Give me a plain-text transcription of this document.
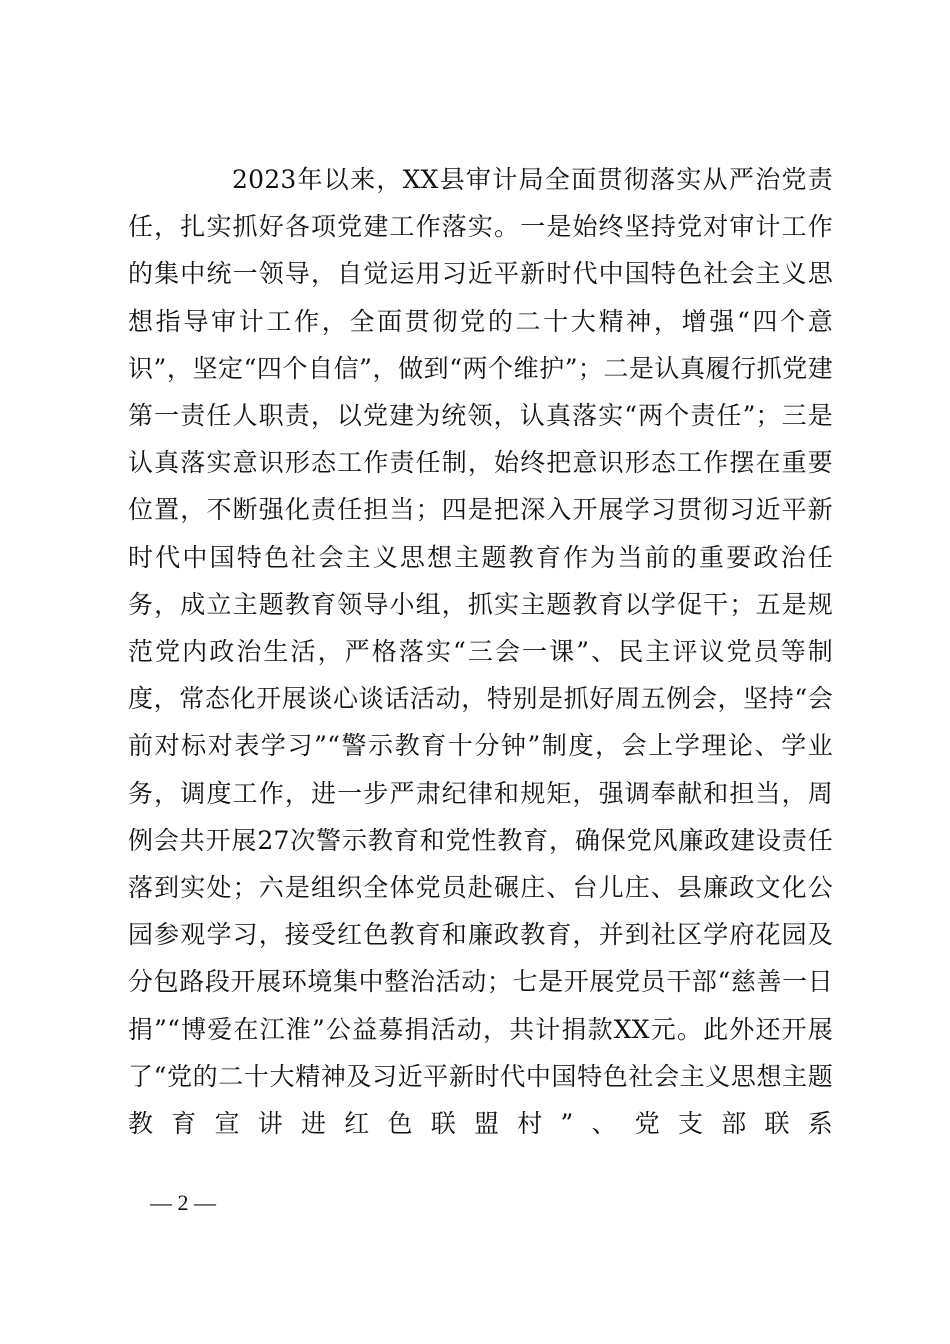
2023年以来，XX县审计局全面贯彻落实从严治党责任，扎实抓好各项党建工作落实。一是始终坚持党对审计工作的集中统一领导，自觉运用习近平新时代中国特色社会主义思想指导审计工作，全面贯彻党的二十大精神，增强“四个意识”，坚定“四个自信”，做到“两个维护”；二是认真履行抓党建第一责任人职责，以党建为统领，认真落实“两个责任”；三是认真落实意识形态工作责任制，始终把意识形态工作摆在重要位置，不断强化责任担当；四是把深入开展学习贯彻习近平新时代中国特色社会主义思想主题教育作为当前的重要政治任务，成立主题教育领导小组，抓实主题教育以学促干；五是规范党内政治生活，严格落实“三会一课”、民主评议党员等制度，常态化开展谈心谈话活动，特别是抓好周五例会，坚持“会前对标对表学习”“警示教育十分钟”制度，会上学理论、学业务，调度工作，进一步严肃纪律和规矩，强调奉献和担当，周例会共开展27次警示教育和党性教育，确保党风廉政建设责任落到实处；六是组织全体党员赴碾庄、台儿庄、县廉政文化公园参观学习，接受红色教育和廉政教育，并到社区学府花园及分包路段开展环境集中整治活动；七是开展党员干部“慈善一日捐”“博爱在江淮”公益募捐活动，共计捐款XX元。此外还开展了“党的二十大精神及习近平新时代中国特色社会主义思想主题教育宣讲进红色联盟村”、党支部联系

— 2 —
